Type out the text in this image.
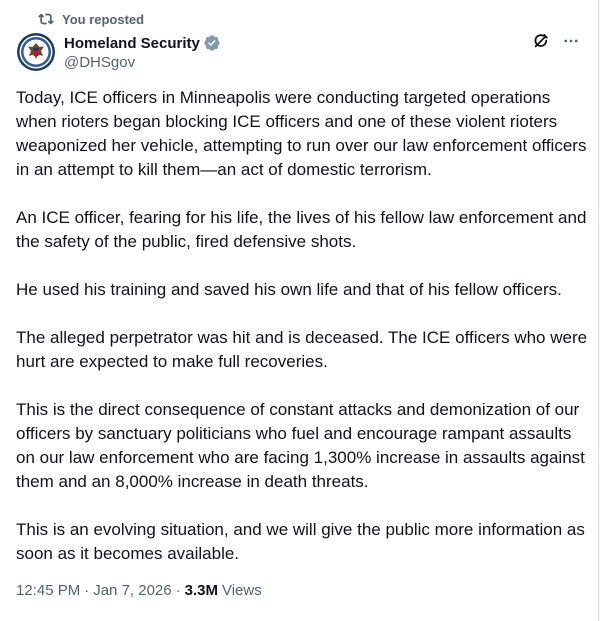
You reposted
Homeland Security
@DHSgov

Today, ICE officers in Minneapolis were conducting targeted operations when rioters began blocking ICE officers and one of these violent rioters weaponized her vehicle, attempting to run over our law enforcement officers in an attempt to kill them—an act of domestic terrorism.

An ICE officer, fearing for his life, the lives of his fellow law enforcement and the safety of the public, fired defensive shots.

He used his training and saved his own life and that of his fellow officers.

The alleged perpetrator was hit and is deceased. The ICE officers who were hurt are expected to make full recoveries.

This is the direct consequence of constant attacks and demonization of our officers by sanctuary politicians who fuel and encourage rampant assaults on our law enforcement who are facing 1,300% increase in assaults against them and an 8,000% increase in death threats.

This is an evolving situation, and we will give the public more information as soon as it becomes available.

12:45 PM · Jan 7, 2026 · 3.3M Views
